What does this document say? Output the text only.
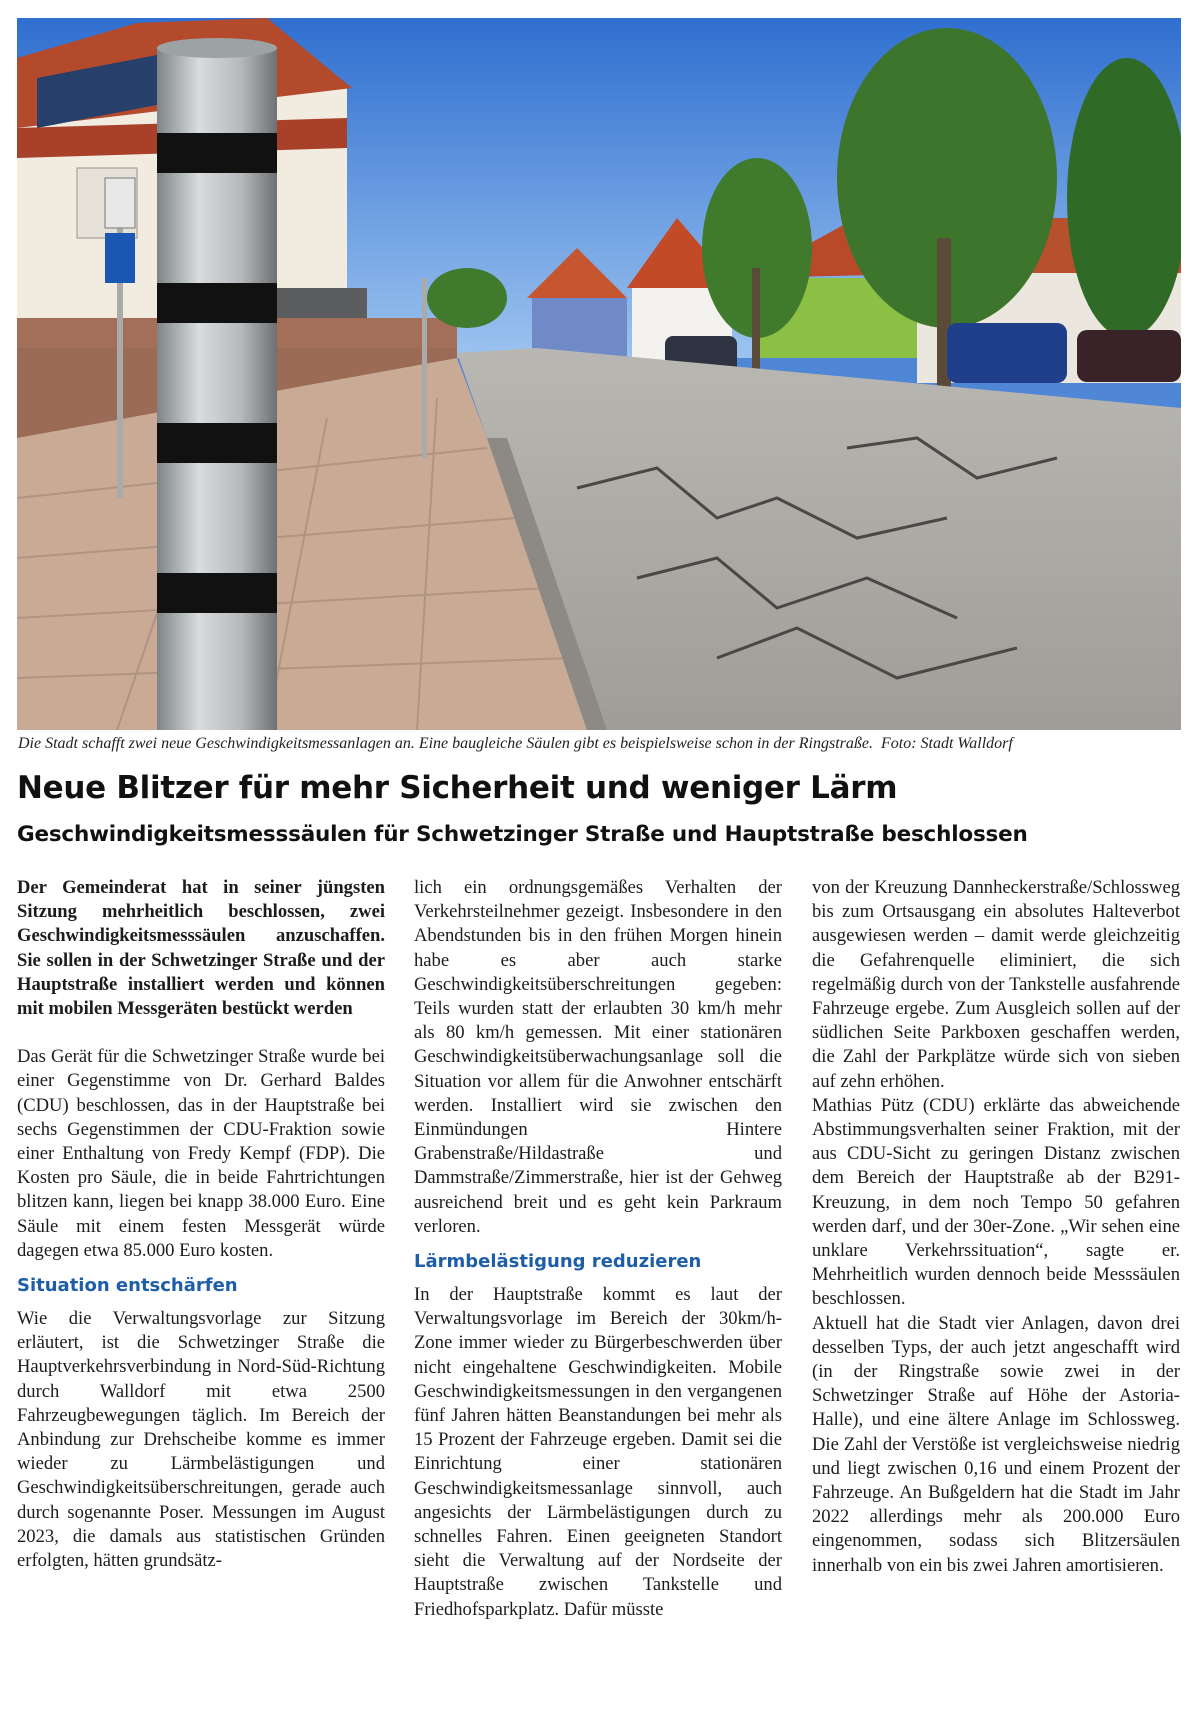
Die Stadt schafft zwei neue Geschwindigkeitsmessanlagen an. Eine baugleiche Säulen gibt es beispielsweise schon in der Ringstraße. Foto: Stadt Walldorf
Neue Blitzer für mehr Sicherheit und weniger Lärm
Geschwindigkeitsmesssäulen für Schwetzinger Straße und Hauptstraße beschlossen

Der Gemeinderat hat in seiner jüngsten Sitzung mehrheitlich beschlossen, zwei Geschwindigkeitsmesssäulen anzuschaffen. Sie sollen in der Schwetzinger Straße und der Hauptstraße installiert werden und können mit mobilen Messgeräten bestückt werden

Das Gerät für die Schwetzinger Straße wurde bei einer Gegenstimme von Dr. Gerhard Baldes (CDU) beschlossen, das in der Hauptstraße bei sechs Gegenstimmen der CDU-Fraktion sowie einer Enthaltung von Fredy Kempf (FDP). Die Kosten pro Säule, die in beide Fahrtrichtungen blitzen kann, liegen bei knapp 38.000 Euro. Eine Säule mit einem festen Messgerät würde dagegen etwa 85.000 Euro kosten.

Situation entschärfen

Wie die Verwaltungsvorlage zur Sitzung erläutert, ist die Schwetzinger Straße die Hauptverkehrsverbindung in Nord-Süd-Richtung durch Walldorf mit etwa 2500 Fahrzeugbewegungen täglich. Im Bereich der Anbindung zur Drehscheibe komme es immer wieder zu Lärmbelästigungen und Geschwindigkeitsüberschreitungen, gerade auch durch sogenannte Poser. Messungen im August 2023, die damals aus statistischen Gründen erfolgten, hätten grundsätz-

lich ein ordnungsgemäßes Verhalten der Verkehrsteilnehmer gezeigt. Insbesondere in den Abendstunden bis in den frühen Morgen hinein habe es aber auch starke Geschwindigkeitsüberschreitungen gegeben: Teils wurden statt der erlaubten 30 km/h mehr als 80 km/h gemessen. Mit einer stationären Geschwindigkeitsüberwachungsanlage soll die Situation vor allem für die Anwohner entschärft werden. Installiert wird sie zwischen den Einmündungen Hintere Grabenstraße/Hildastraße und Dammstraße/Zimmerstraße, hier ist der Gehweg ausreichend breit und es geht kein Parkraum verloren.

Lärmbelästigung reduzieren

In der Hauptstraße kommt es laut der Verwaltungsvorlage im Bereich der 30km/h-Zone immer wieder zu Bürgerbeschwerden über nicht eingehaltene Geschwindigkeiten. Mobile Geschwindigkeitsmessungen in den vergangenen fünf Jahren hätten Beanstandungen bei mehr als 15 Prozent der Fahrzeuge ergeben. Damit sei die Einrichtung einer stationären Geschwindigkeitsmessanlage sinnvoll, auch angesichts der Lärmbelästigungen durch zu schnelles Fahren. Einen geeigneten Standort sieht die Verwaltung auf der Nordseite der Hauptstraße zwischen Tankstelle und Friedhofsparkplatz. Dafür müsste

von der Kreuzung Dannheckerstraße/Schlossweg bis zum Ortsausgang ein absolutes Halteverbot ausgewiesen werden – damit werde gleichzeitig die Gefahrenquelle eliminiert, die sich regelmäßig durch von der Tankstelle ausfahrende Fahrzeuge ergebe. Zum Ausgleich sollen auf der südlichen Seite Parkboxen geschaffen werden, die Zahl der Parkplätze würde sich von sieben auf zehn erhöhen.

Mathias Pütz (CDU) erklärte das abweichende Abstimmungsverhalten seiner Fraktion, mit der aus CDU-Sicht zu geringen Distanz zwischen dem Bereich der Hauptstraße ab der B291-Kreuzung, in dem noch Tempo 50 gefahren werden darf, und der 30er-Zone. „Wir sehen eine unklare Verkehrssituation“, sagte er. Mehrheitlich wurden dennoch beide Messsäulen beschlossen.

Aktuell hat die Stadt vier Anlagen, davon drei desselben Typs, der auch jetzt angeschafft wird (in der Ringstraße sowie zwei in der Schwetzinger Straße auf Höhe der Astoria-Halle), und eine ältere Anlage im Schlossweg. Die Zahl der Verstöße ist vergleichsweise niedrig und liegt zwischen 0,16 und einem Prozent der Fahrzeuge. An Bußgeldern hat die Stadt im Jahr 2022 allerdings mehr als 200.000 Euro eingenommen, sodass sich Blitzersäulen innerhalb von ein bis zwei Jahren amortisieren.
